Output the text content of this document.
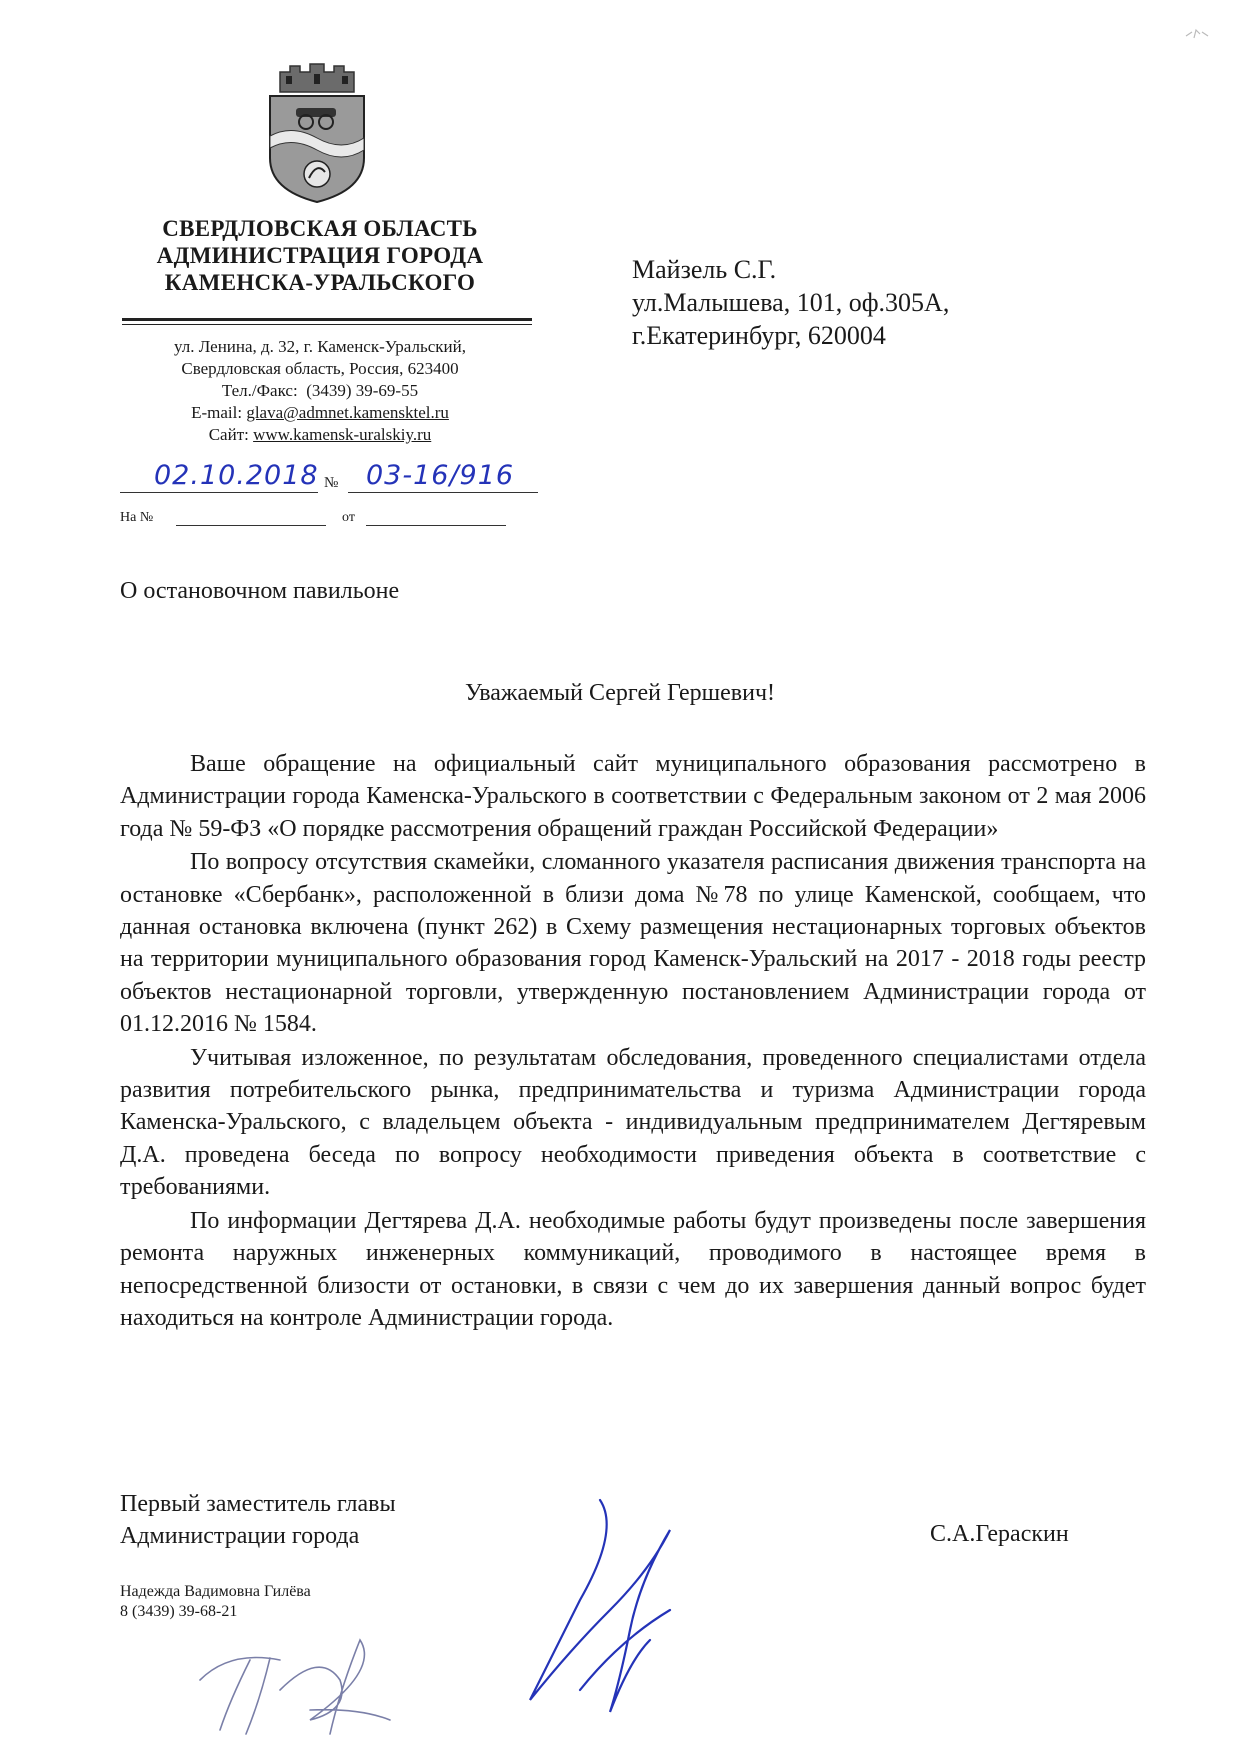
СВЕРДЛОВСКАЯ ОБЛАСТЬ
АДМИНИСТРАЦИЯ ГОРОДА
КАМЕНСКА-УРАЛЬСКОГО
ул. Ленина, д. 32, г. Каменск-Уральский,
Свердловская область, Россия, 623400
Тел./Факс: (3439) 39-69-55
E-mail: glava@admnet.kamensktel.ru
Сайт: www.kamensk-uralskiy.ru
02.10.2018 № 03-16/916
На №	от
Майзель С.Г.
ул.Малышева, 101, оф.305А,
г.Екатеринбург, 620004
О остановочном павильоне
Уважаемый Сергей Гершевич!

Ваше обращение на официальный сайт муниципального образования рассмотрено в Администрации города Каменска-Уральского в соответствии с Федеральным законом от 2 мая 2006 года № 59-ФЗ «О порядке рассмотрения обращений граждан Российской Федерации»

По вопросу отсутствия скамейки, сломанного указателя расписания движения транспорта на остановке «Сбербанк», расположенной в близи дома №78 по улице Каменской, сообщаем, что данная остановка включена (пункт 262) в Схему размещения нестационарных торговых объектов на территории муниципального образования город Каменск-Уральский на 2017 - 2018 годы реестр объектов нестационарной торговли, утвержденную постановлением Администрации города от 01.12.2016 № 1584.

Учитывая изложенное, по результатам обследования, проведенного специалистами отдела развития потребительского рынка, предпринимательства и туризма Администрации города Каменска-Уральского, с владельцем объекта - индивидуальным предпринимателем Дегтяревым Д.А. проведена беседа по вопросу необходимости приведения объекта в соответствие с требованиями.

По информации Дегтярева Д.А. необходимые работы будут произведены после завершения ремонта наружных инженерных коммуникаций, проводимого в настоящее время в непосредственной близости от остановки, в связи с чем до их завершения данный вопрос будет находиться на контроле Администрации города.

Первый заместитель главы
Администрации города	С.А.Гераскин
Надежда Вадимовна Гилёва
8 (3439) 39-68-21
